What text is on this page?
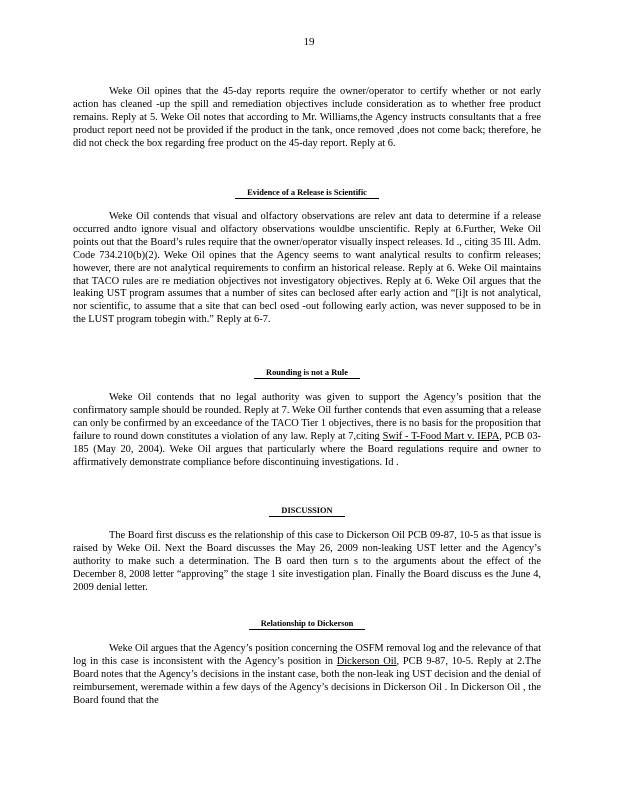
19

Weke Oil opines that the 45-day reports require the owner/operator to certify whether or not early action has cleaned -up the spill and remediation objectives include consideration as to whether free product remains. Reply at 5. Weke Oil notes that according to Mr. Williams,the Agency instructs consultants that a free product report need not be provided if the product in the tank, once removed ,does not come back; therefore, he did not check the box regarding free product on the 45-day report. Reply at 6.

Evidence of a Release is Scientific

Weke Oil contends that visual and olfactory observations are relev ant data to determine if a release occurred andto ignore visual and olfactory observations wouldbe unscientific. Reply at 6.Further, Weke Oil points out that the Board’s rules require that the owner/operator visually inspect releases. Id ., citing 35 Ill. Adm. Code 734.210(b)(2). Weke Oil opines that the Agency seems to want analytical results to confirm releases; however, there are not analytical requirements to confirm an historical release. Reply at 6. Weke Oil maintains that TACO rules are re mediation objectives not investigatory objectives. Reply at 6. Weke Oil argues that the leaking UST program assumes that a number of sites can beclosed after early action and “[i]t is not analytical, nor scientific, to assume that a site that can becl osed -out following early action, was never supposed to be in the LUST program tobegin with.” Reply at 6-7.

Rounding is not a Rule

Weke Oil contends that no legal authority was given to support the Agency’s position that the confirmatory sample should be rounded. Reply at 7. Weke Oil further contends that even assuming that a release can only be confirmed by an exceedance of the TACO Tier 1 objectives, there is no basis for the proposition that failure to round down constitutes a violation of any law. Reply at 7,citing Swif - T-Food Mart v. IEPA, PCB 03-185 (May 20, 2004). Weke Oil argues that particularly where the Board regulations require and owner to affirmatively demonstrate compliance before discontinuing investigations. Id .

DISCUSSION

The Board first discuss es the relationship of this case to Dickerson Oil PCB 09-87, 10-5 as that issue is raised by Weke Oil. Next the Board discusses the May 26, 2009 non-leaking UST letter and the Agency’s authority to make such a determination. The B oard then turn s to the arguments about the effect of the December 8, 2008 letter “approving” the stage 1 site investigation plan. Finally the Board discuss es the June 4, 2009 denial letter.

Relationship to Dickerson

Weke Oil argues that the Agency’s position concerning the OSFM removal log and the relevance of that log in this case is inconsistent with the Agency’s position in Dickerson Oil, PCB 9-87, 10-5. Reply at 2.The Board notes that the Agency’s decisions in the instant case, both the non-leak ing UST decision and the denial of reimbursement, weremade within a few days of the Agency’s decisions in Dickerson Oil . In Dickerson Oil , the Board found that the
